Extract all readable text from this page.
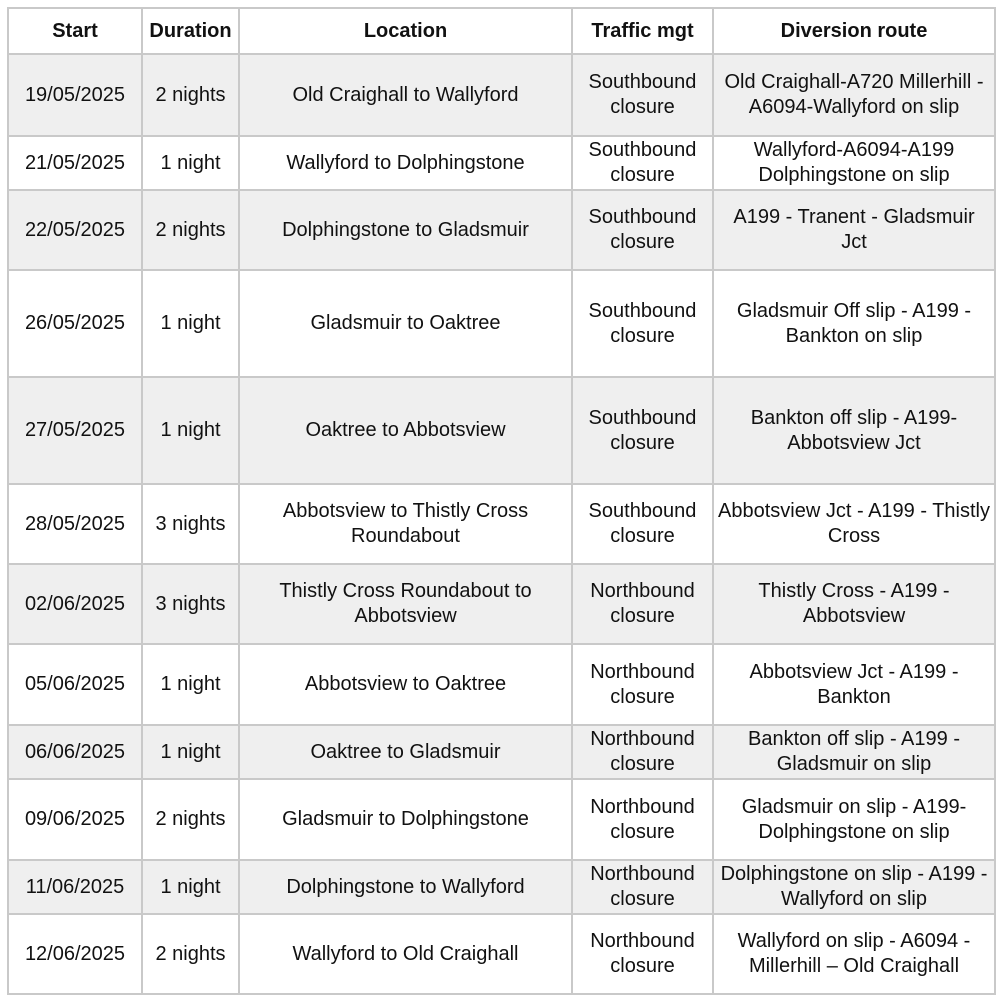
Start	Duration	Location	Traffic mgt	Diversion route
19/05/2025	2 nights	Old Craighall to Wallyford	Southbound closure	Old Craighall-A720 Millerhill - A6094-Wallyford on slip
21/05/2025	1 night	Wallyford to Dolphingstone	Southbound closure	Wallyford-A6094-A199 Dolphingstone on slip
22/05/2025	2 nights	Dolphingstone to Gladsmuir	Southbound closure	A199 - Tranent - Gladsmuir Jct
26/05/2025	1 night	Gladsmuir to Oaktree	Southbound closure	Gladsmuir Off slip - A199 - Bankton on slip
27/05/2025	1 night	Oaktree to Abbotsview	Southbound closure	Bankton off slip - A199- Abbotsview Jct
28/05/2025	3 nights	Abbotsview to Thistly Cross Roundabout	Southbound closure	Abbotsview Jct - A199 - Thistly Cross
02/06/2025	3 nights	Thistly Cross Roundabout to Abbotsview	Northbound closure	Thistly Cross - A199 - Abbotsview
05/06/2025	1 night	Abbotsview to Oaktree	Northbound closure	Abbotsview Jct - A199 - Bankton
06/06/2025	1 night	Oaktree to Gladsmuir	Northbound closure	Bankton off slip - A199 - Gladsmuir on slip
09/06/2025	2 nights	Gladsmuir to Dolphingstone	Northbound closure	Gladsmuir on slip - A199- Dolphingstone on slip
11/06/2025	1 night	Dolphingstone to Wallyford	Northbound closure	Dolphingstone on slip - A199 - Wallyford on slip
12/06/2025	2 nights	Wallyford to Old Craighall	Northbound closure	Wallyford on slip - A6094 - Millerhill – Old Craighall
